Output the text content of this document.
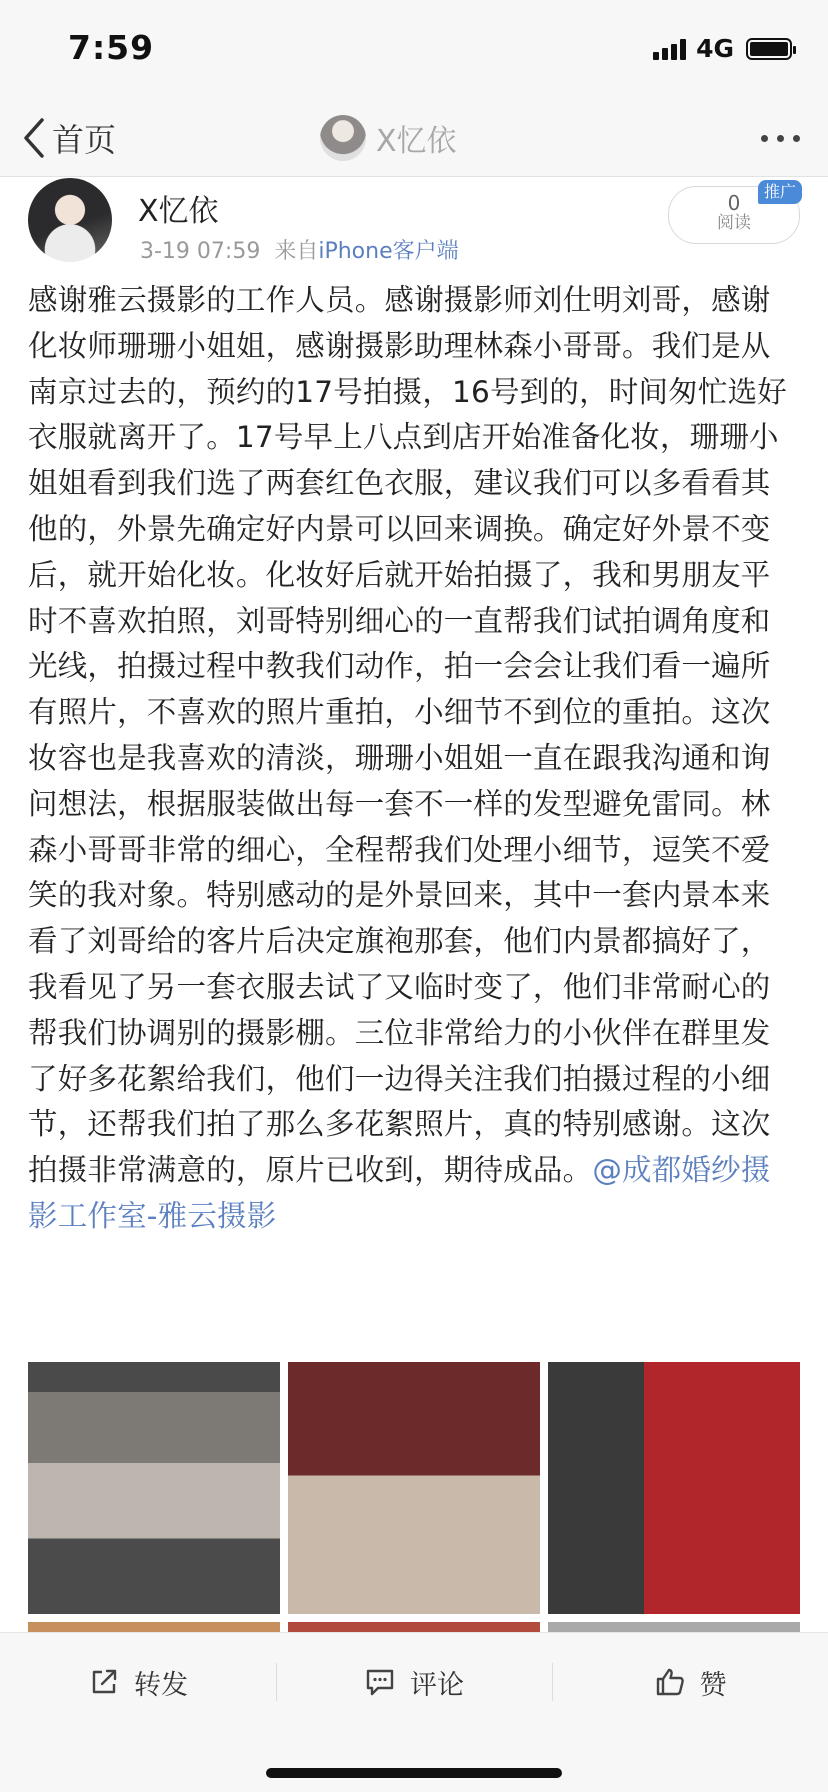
7:59	4G
首页	X忆依
X忆依
3-19 07:59 来自iPhone客户端
0
阅读
推广
感谢雅云摄影的工作人员。感谢摄影师刘仕明刘哥，感谢化妆师珊珊小姐姐，感谢摄影助理林森小哥哥。我们是从南京过去的，预约的17号拍摄，16号到的，时间匆忙选好衣服就离开了。17号早上八点到店开始准备化妆，珊珊小姐姐看到我们选了两套红色衣服，建议我们可以多看看其他的，外景先确定好内景可以回来调换。确定好外景不变后，就开始化妆。化妆好后就开始拍摄了，我和男朋友平时不喜欢拍照，刘哥特别细心的一直帮我们试拍调角度和光线，拍摄过程中教我们动作，拍一会会让我们看一遍所有照片，不喜欢的照片重拍，小细节不到位的重拍。这次妆容也是我喜欢的清淡，珊珊小姐姐一直在跟我沟通和询问想法，根据服装做出每一套不一样的发型避免雷同。林森小哥哥非常的细心，全程帮我们处理小细节，逗笑不爱笑的我对象。特别感动的是外景回来，其中一套内景本来看了刘哥给的客片后决定旗袍那套，他们内景都搞好了，我看见了另一套衣服去试了又临时变了，他们非常耐心的帮我们协调别的摄影棚。三位非常给力的小伙伴在群里发了好多花絮给我们，他们一边得关注我们拍摄过程的小细节，还帮我们拍了那么多花絮照片，真的特别感谢。这次拍摄非常满意的，原片已收到，期待成品。@成都婚纱摄影工作室-雅云摄影
转发	评论	赞
